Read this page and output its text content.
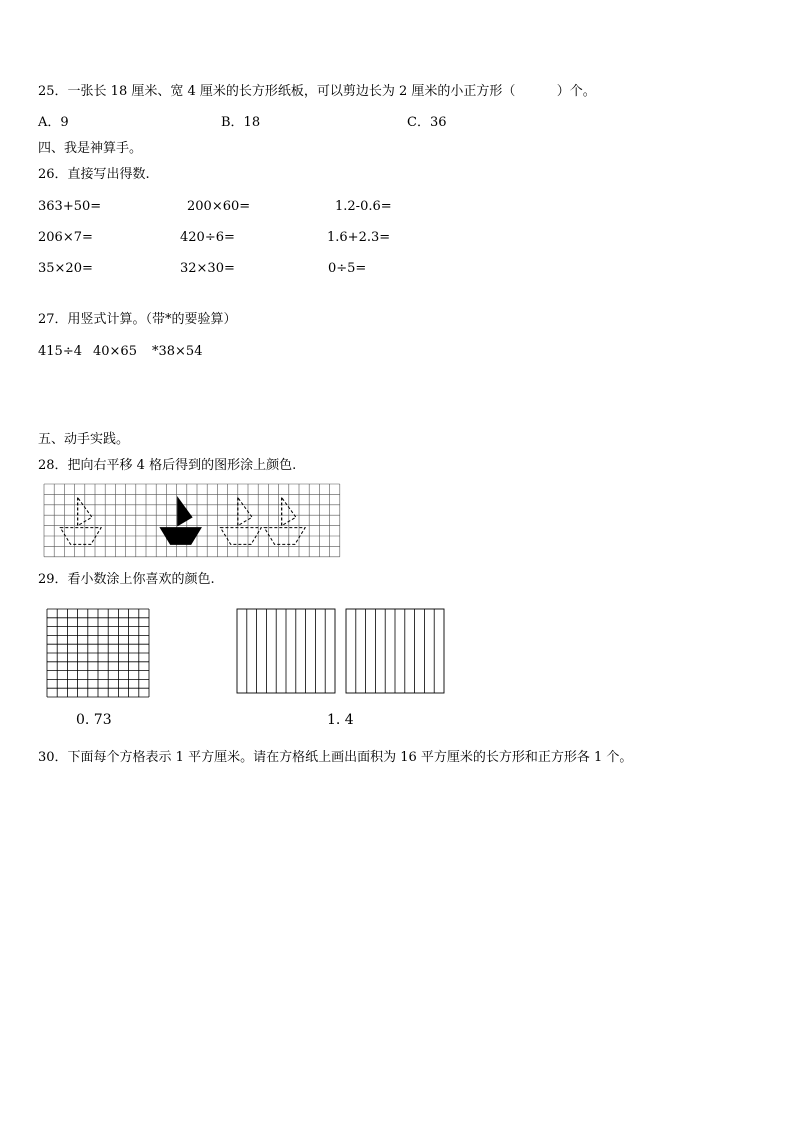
25．一张长 18 厘米、宽 4 厘米的长方形纸板，可以剪边长为 2 厘米的小正方形（          ）个。
A．9	B．18	C．36
四、我是神算手。
26．直接写出得数.
363+50=	200×60=	1.2-0.6=
206×7=	420÷6=	1.6+2.3=
35×20=	32×30=	0÷5=
27．用竖式计算。（带*的要验算）
415÷4 40×65 *38×54
五、动手实践。
28．把向右平移 4 格后得到的图形涂上颜色.
29．看小数涂上你喜欢的颜色.
0. 73	1. 4
30．下面每个方格表示 1 平方厘米。请在方格纸上画出面积为 16 平方厘米的长方形和正方形各 1 个。
